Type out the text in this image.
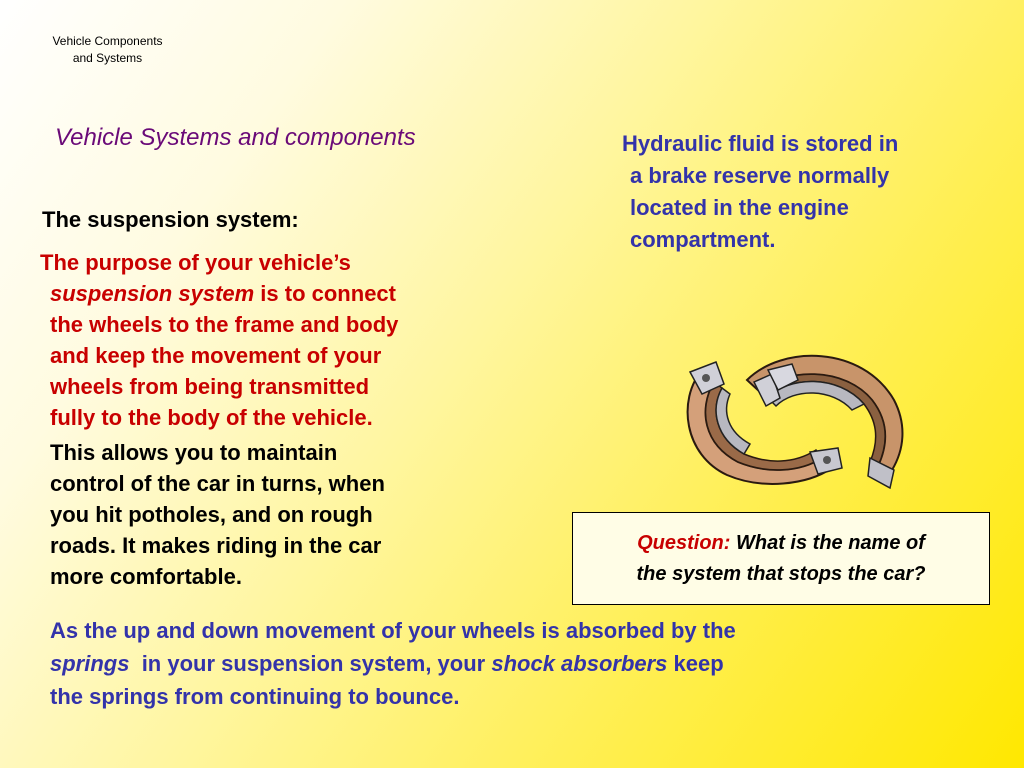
Vehicle Components
and Systems
Vehicle Systems and components	Hydraulic fluid is stored in
a brake reserve normally
located in the engine
compartment.
The suspension system:
The purpose of your vehicle’s
suspension system is to connect
the wheels to the frame and body
and keep the movement of your
wheels from being transmitted
fully to the body of the vehicle.
This allows you to maintain
control of the car in turns, when
you hit potholes, and on rough
roads. It makes riding in the car
more comfortable.
Question: What is the name of
the system that stops the car?
As the up and down movement of your wheels is absorbed by the
springs  in your suspension system, your shock absorbers keep
the springs from continuing to bounce.
